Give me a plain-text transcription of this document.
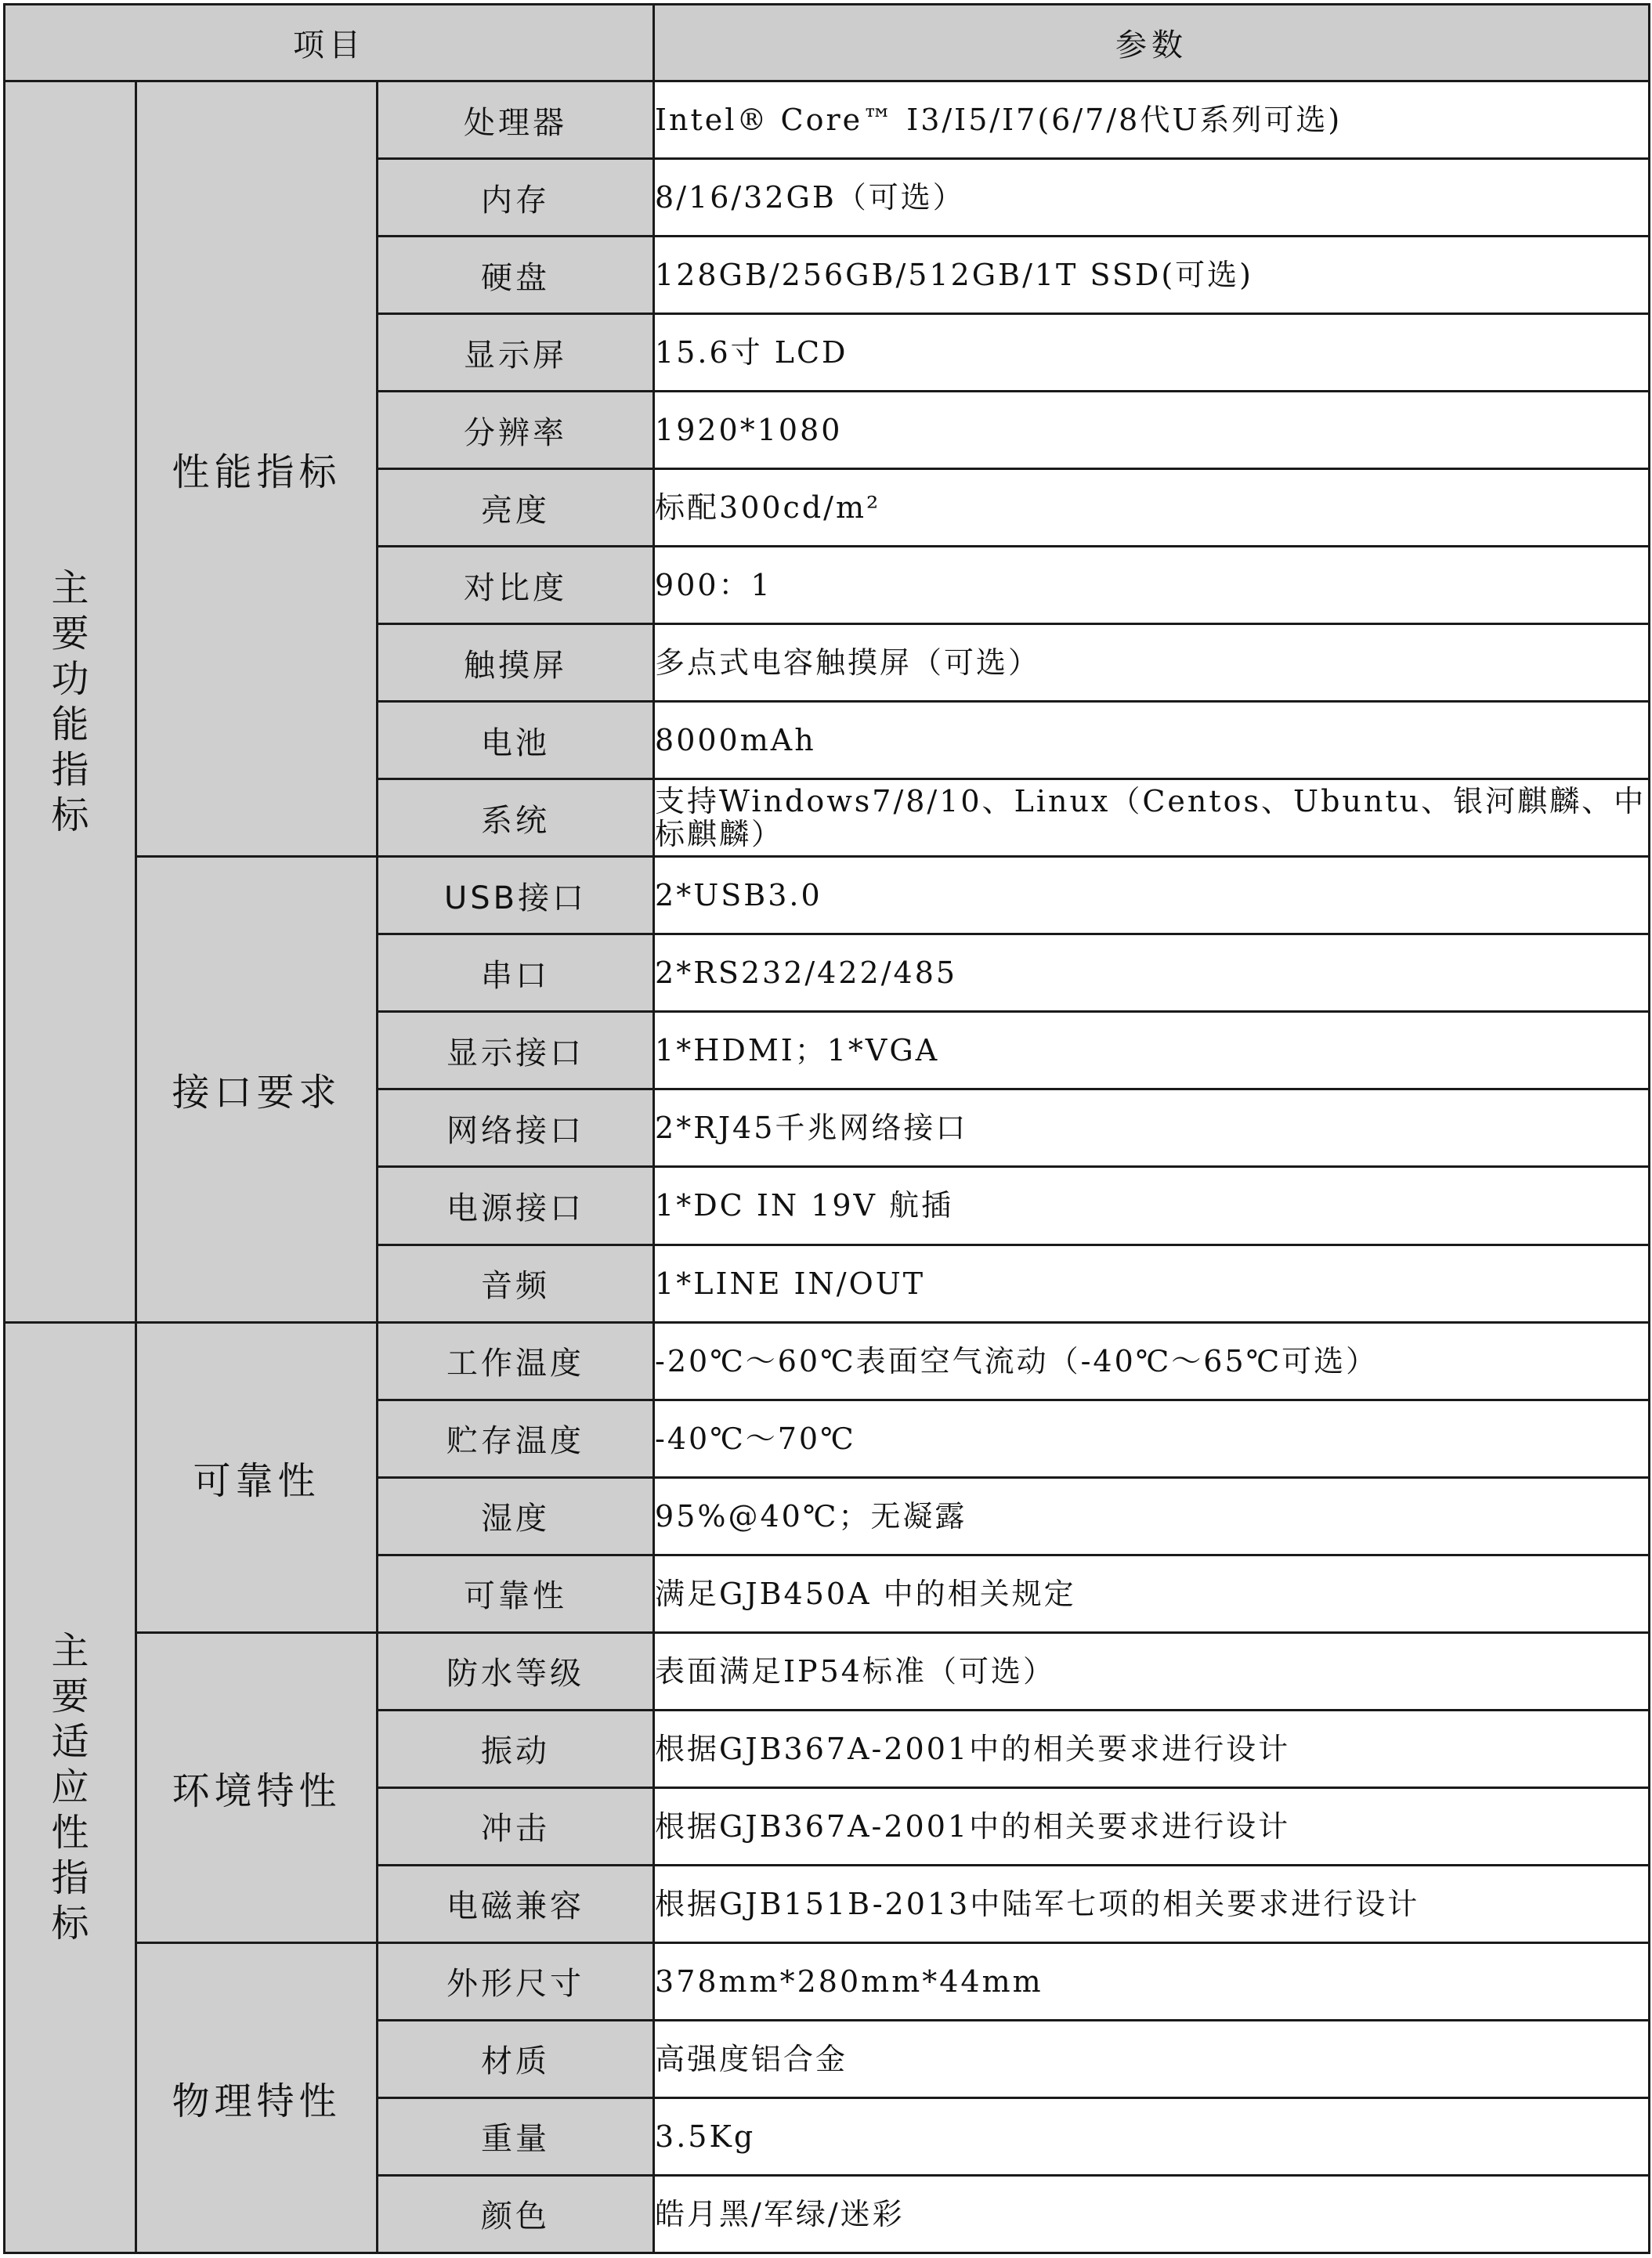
项目			参数
主要功能指标	性能指标	处理器	Intel® Core™ I3/I5/I7(6/7/8代U系列可选)
		内存	8/16/32GB（可选）
		硬盘	128GB/256GB/512GB/1T SSD(可选)
		显示屏	15.6寸 LCD
		分辨率	1920*1080
		亮度	标配300cd/m²
		对比度	900：1
		触摸屏	多点式电容触摸屏（可选）
		电池	8000mAh
		系统	支持Windows7/8/10、Linux（Centos、Ubuntu、银河麒麟、中标麒麟）
	接口要求	USB接口	2*USB3.0
		串口	2*RS232/422/485
		显示接口	1*HDMI；1*VGA
		网络接口	2*RJ45千兆网络接口
		电源接口	1*DC IN 19V 航插
		音频	1*LINE IN/OUT
主要适应性指标	可靠性	工作温度	-20℃～60℃表面空气流动（-40℃～65℃可选）
		贮存温度	-40℃～70℃
		湿度	95%@40℃；无凝露
		可靠性	满足GJB450A 中的相关规定
	环境特性	防水等级	表面满足IP54标准（可选）
		振动	根据GJB367A-2001中的相关要求进行设计
		冲击	根据GJB367A-2001中的相关要求进行设计
		电磁兼容	根据GJB151B-2013中陆军七项的相关要求进行设计
	物理特性	外形尺寸	378mm*280mm*44mm
		材质	高强度铝合金
		重量	3.5Kg
		颜色	皓月黑/军绿/迷彩
